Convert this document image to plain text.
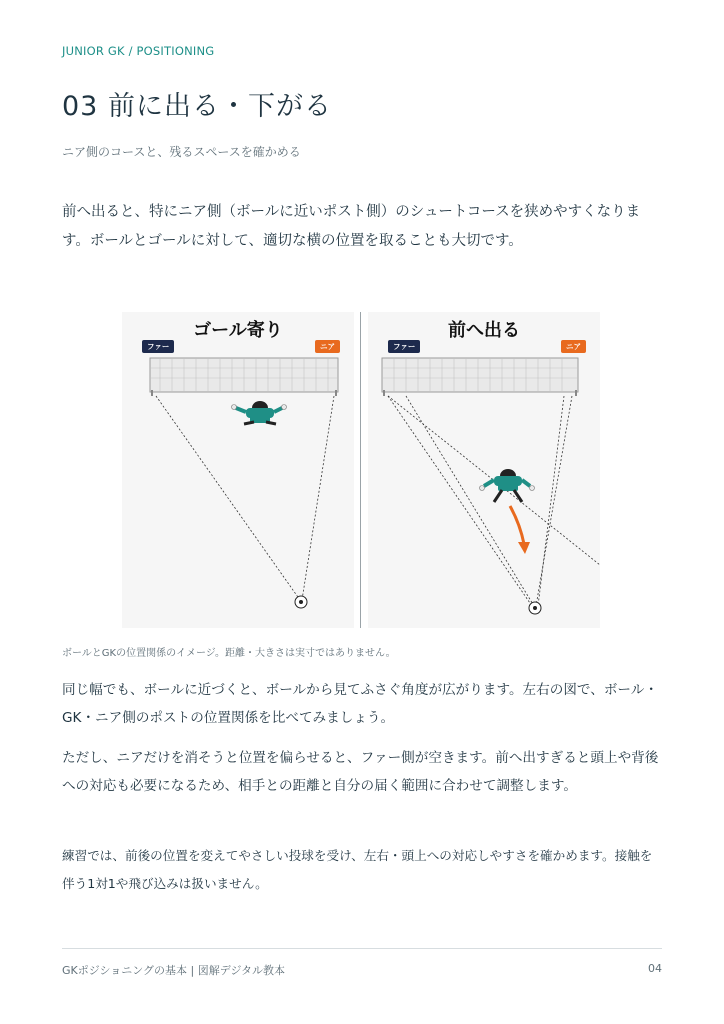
JUNIOR GK / POSITIONING
03 前に出る・下がる
ニア側のコースと、残るスペースを確かめる

前へ出ると、特にニア側（ボールに近いポスト側）のシュートコースを狭めやすくなります。ボールとゴールに対して、適切な横の位置を取ることも大切です。

ゴール寄り
ファー	ニア
前へ出る
ファー	ニア
ボールとGKの位置関係のイメージ。距離・大きさは実寸ではありません。

同じ幅でも、ボールに近づくと、ボールから見てふさぐ角度が広がります。左右の図で、ボール・GK・ニア側のポストの位置関係を比べてみましょう。

ただし、ニアだけを消そうと位置を偏らせると、ファー側が空きます。前へ出すぎると頭上や背後への対応も必要になるため、相手との距離と自分の届く範囲に合わせて調整します。

練習では、前後の位置を変えてやさしい投球を受け、左右・頭上への対応しやすさを確かめます。接触を伴う1対1や飛び込みは扱いません。

GKポジショニングの基本 | 図解デジタル教本	04
